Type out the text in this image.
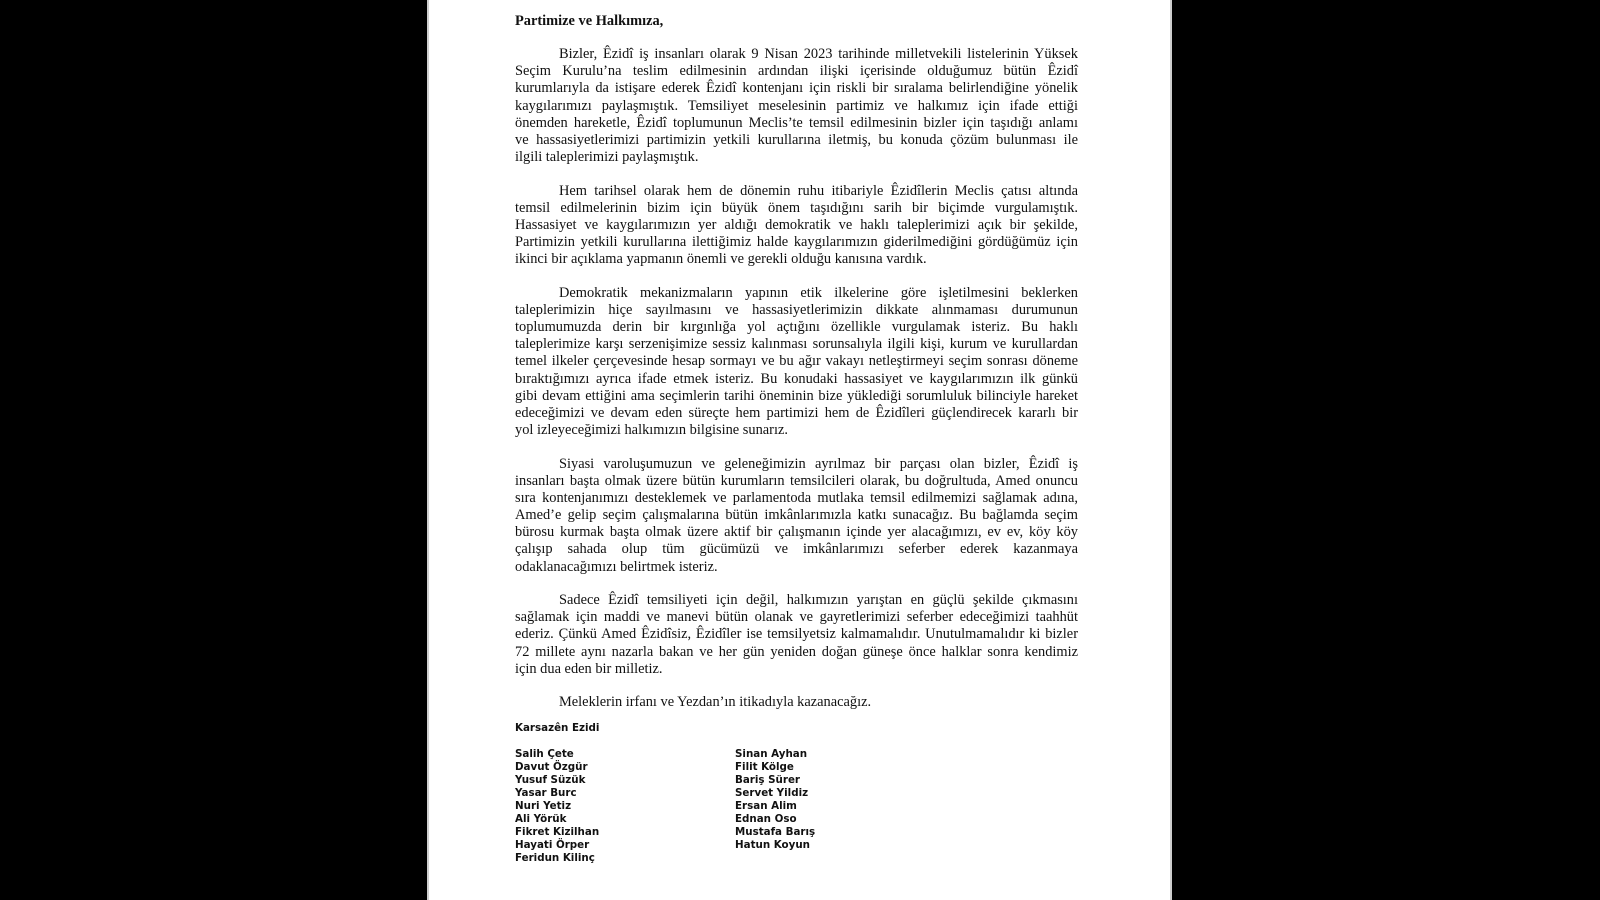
Partimize ve Halkımıza,
Bizler, Êzidî iş insanları olarak 9 Nisan 2023 tarihinde milletvekili listelerinin Yüksek
Seçim Kurulu’na teslim edilmesinin ardından ilişki içerisinde olduğumuz bütün Êzidî
kurumlarıyla da istişare ederek Êzidî kontenjanı için riskli bir sıralama belirlendiğine yönelik
kaygılarımızı paylaşmıştık. Temsiliyet meselesinin partimiz ve halkımız için ifade ettiği
önemden hareketle, Êzidî toplumunun Meclis’te temsil edilmesinin bizler için taşıdığı anlamı
ve hassasiyetlerimizi partimizin yetkili kurullarına iletmiş, bu konuda çözüm bulunması ile
ilgili taleplerimizi paylaşmıştık.
Hem tarihsel olarak hem de dönemin ruhu itibariyle Êzidîlerin Meclis çatısı altında
temsil edilmelerinin bizim için büyük önem taşıdığını sarih bir biçimde vurgulamıştık.
Hassasiyet ve kaygılarımızın yer aldığı demokratik ve haklı taleplerimizi açık bir şekilde,
Partimizin yetkili kurullarına ilettiğimiz halde kaygılarımızın giderilmediğini gördüğümüz için
ikinci bir açıklama yapmanın önemli ve gerekli olduğu kanısına vardık.
Demokratik mekanizmaların yapının etik ilkelerine göre işletilmesini beklerken
taleplerimizin hiçe sayılmasını ve hassasiyetlerimizin dikkate alınmaması durumunun
toplumumuzda derin bir kırgınlığa yol açtığını özellikle vurgulamak isteriz. Bu haklı
taleplerimize karşı serzenişimize sessiz kalınması sorunsalıyla ilgili kişi, kurum ve kurullardan
temel ilkeler çerçevesinde hesap sormayı ve bu ağır vakayı netleştirmeyi seçim sonrası döneme
bıraktığımızı ayrıca ifade etmek isteriz. Bu konudaki hassasiyet ve kaygılarımızın ilk günkü
gibi devam ettiğini ama seçimlerin tarihi öneminin bize yüklediği sorumluluk bilinciyle hareket
edeceğimizi ve devam eden süreçte hem partimizi hem de Êzidîleri güçlendirecek kararlı bir
yol izleyeceğimizi halkımızın bilgisine sunarız.
Siyasi varoluşumuzun ve geleneğimizin ayrılmaz bir parçası olan bizler, Êzidî iş
insanları başta olmak üzere bütün kurumların temsilcileri olarak, bu doğrultuda, Amed onuncu
sıra kontenjanımızı desteklemek ve parlamentoda mutlaka temsil edilmemizi sağlamak adına,
Amed’e gelip seçim çalışmalarına bütün imkânlarımızla katkı sunacağız. Bu bağlamda seçim
bürosu kurmak başta olmak üzere aktif bir çalışmanın içinde yer alacağımızı, ev ev, köy köy
çalışıp sahada olup tüm gücümüzü ve imkânlarımızı seferber ederek kazanmaya
odaklanacağımızı belirtmek isteriz.
Sadece Êzidî temsiliyeti için değil, halkımızın yarıştan en güçlü şekilde çıkmasını
sağlamak için maddi ve manevi bütün olanak ve gayretlerimizi seferber edeceğimizi taahhüt
ederiz. Çünkü Amed Êzidîsiz, Êzidîler ise temsilyetsiz kalmamalıdır. Unutulmamalıdır ki bizler
72 millete aynı nazarla bakan ve her gün yeniden doğan güneşe önce halklar sonra kendimiz
için dua eden bir milletiz.
Meleklerin irfanı ve Yezdan’ın itikadıyla kazanacağız.
Karsazên Ezidi
Salih Çete
Davut Özgür
Yusuf Süzük
Yasar Burc
Nuri Yetiz
Ali Yörük
Fikret Kizilhan
Hayati Örper
Feridun Kilinç
Sinan Ayhan
Filit Kölge
Bariş Sürer
Servet Yildiz
Ersan Alim
Ednan Oso
Mustafa Barış
Hatun Koyun
